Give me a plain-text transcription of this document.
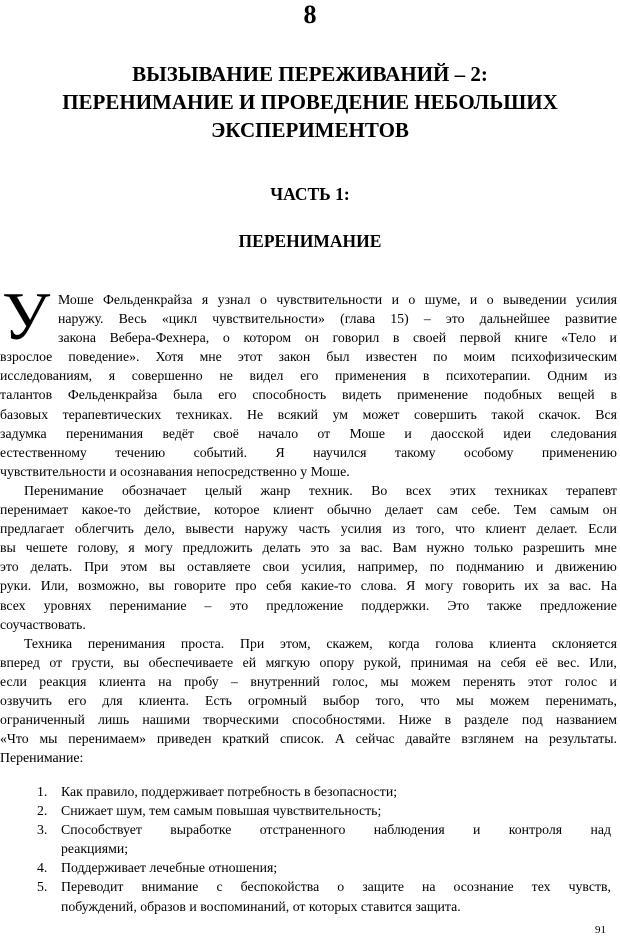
8
ВЫЗЫВАНИЕ ПЕРЕЖИВАНИЙ – 2:
ПЕРЕНИМАНИЕ И ПРОВЕДЕНИЕ НЕБОЛЬШИХ
ЭКСПЕРИМЕНТОВ
ЧАСТЬ 1:
ПЕРЕНИМАНИЕ
У Моше Фельденкрайза я узнал о чувствительности и о шуме, и о выведении усилия
наружу. Весь «цикл чувствительности» (глава 15) – это дальнейшее развитие
закона Вебера-Фехнера, о котором он говорил в своей первой книге «Тело и
взрослое поведение». Хотя мне этот закон был известен по моим психофизическим
исследованиям, я совершенно не видел его применения в психотерапии. Одним из
талантов Фельденкрайза была его способность видеть применение подобных вещей в
базовых терапевтических техниках. Не всякий ум может совершить такой скачок. Вся
задумка перенимания ведёт своё начало от Моше и даосской идеи следования
естественному течению событий. Я научился такому особому применению
чувствительности и осознавания непосредственно у Моше.
Перенимание обозначает целый жанр техник. Во всех этих техниках терапевт
перенимает какое-то действие, которое клиент обычно делает сам себе. Тем самым он
предлагает облегчить дело, вывести наружу часть усилия из того, что клиент делает. Если
вы чешете голову, я могу предложить делать это за вас. Вам нужно только разрешить мне
это делать. При этом вы оставляете свои усилия, например, по поднманию и движению
руки. Или, возможно, вы говорите про себя какие-то слова. Я могу говорить их за вас. На
всех уровнях перенимание – это предложение поддержки. Это также предложение
соучаствовать.
Техника перенимания проста. При этом, скажем, когда голова клиента склоняется
вперед от грусти, вы обеспечиваете ей мягкую опору рукой, принимая на себя её вес. Или,
если реакция клиента на пробу – внутренний голос, мы можем перенять этот голос и
озвучить его для клиента. Есть огромный выбор того, что мы можем перенимать,
ограниченный лишь нашими творческими способностями. Ниже в разделе под названием
«Что мы перенимаем» приведен краткий список. А сейчас давайте взглянем на результаты.
Перенимание:
1. Как правило, поддерживает потребность в безопасности;
2. Снижает шум, тем самым повышая чувствительность;
3. Способствует выработке отстраненного наблюдения и контроля над
реакциями;
4. Поддерживает лечебные отношения;
5. Переводит внимание с беспокойства о защите на осознание тех чувств,
побуждений, образов и воспоминаний, от которых ставится защита.
91
